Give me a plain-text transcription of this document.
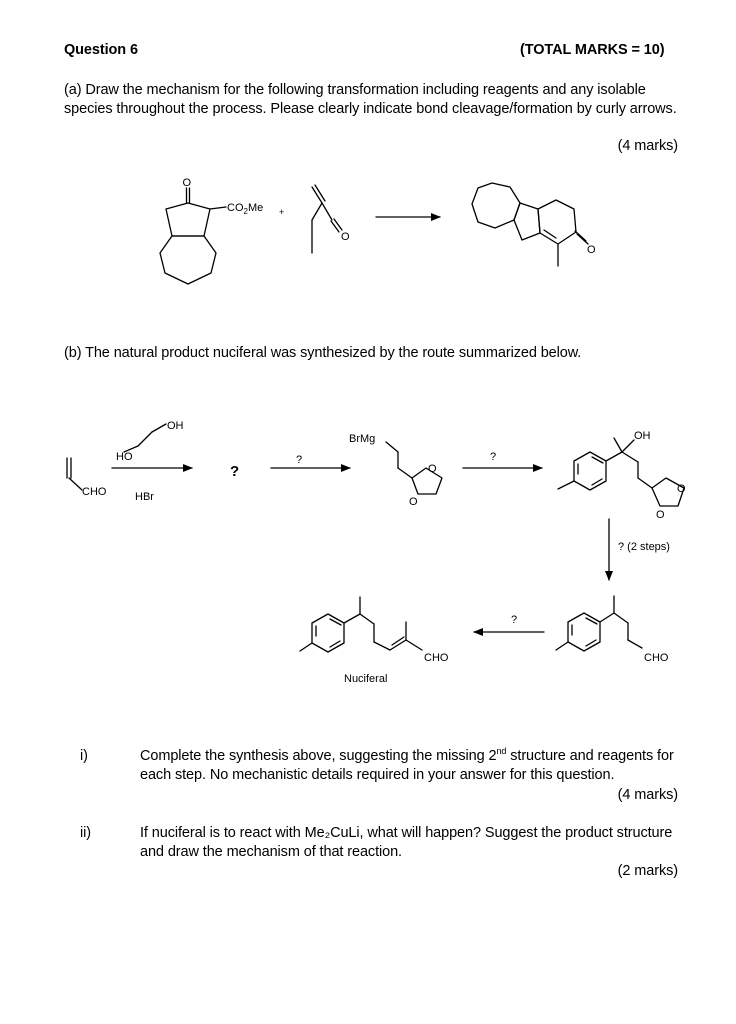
Question 6	(TOTAL MARKS = 10)
(a) Draw the mechanism for the following transformation including reagents and any isolable species throughout the process. Please clearly indicate bond cleavage/formation by curly arrows.
(4 marks)
(b) The natural product nuciferal was synthesized by the route summarized below.
i)	Complete the synthesis above, suggesting the missing 2nd structure and reagents for each step. No mechanistic details required in your answer for this question.
(4 marks)
ii)	If nuciferal is to react with Me₂CuLi, what will happen? Suggest the product structure and draw the mechanism of that reaction.
(2 marks)
O
$CO_2Me$ +
O
O
OH
HO
CHO	HBr
?
?
BrMg
O
O
?
OH
O
O
? (2 steps)
?
CHO
CHO
Nuciferal
